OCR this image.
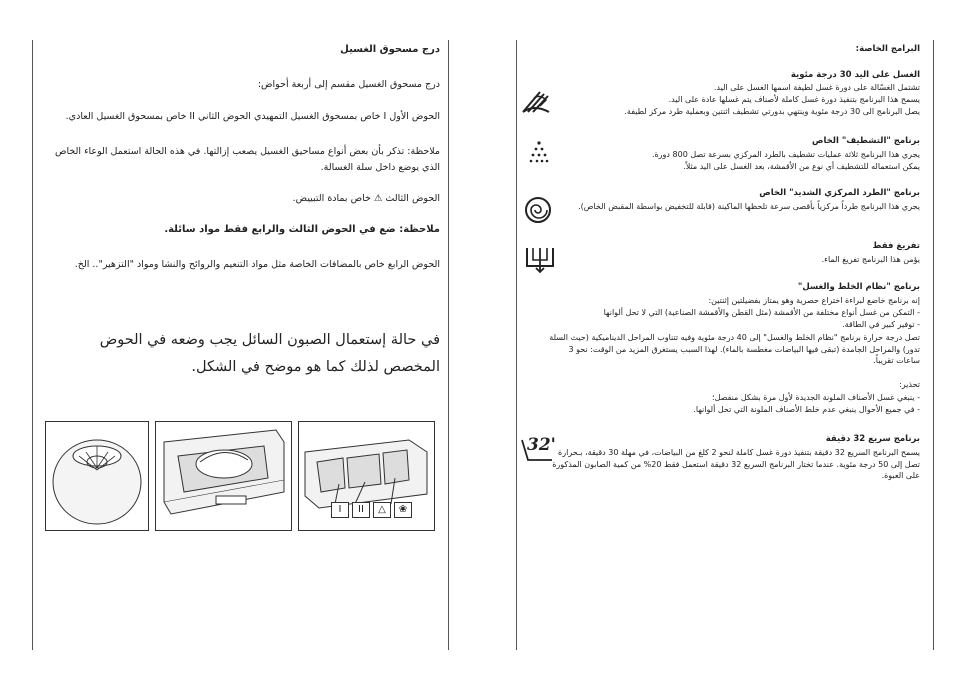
درج مسحوق الغسيل

درج مسحوق الغسيل مقسم إلى أربعة أحواض:

الحوض الأول I خاص بمسحوق الغسيل التمهيدي الحوض الثاني II خاص بمسحوق الغسيل العادي.

ملاحظة: تذكر بأن بعض أنواع مساحيق الغسيل يصعب إزالتها. في هذه الحالة استعمل الوعاء الخاص الذي يوضع داخل سلة الغسالة.

الحوض الثالث ⚠ خاص بمادة التبييض.

ملاحظة: ضع في الحوض الثالث والرابع فقط مواد سائلة.

الحوض الرابع خاص بالمضافات الخاصة مثل مواد التنعيم والروائح والنشا ومواد "التزهير".. الخ.

في حالة إستعمال الصبون السائل يجب وضعه في الحوض المخصص لذلك كما هو موضح في الشكل.

I	II	△	❀

البرامج الخاصة:

الغسل على اليد 30 درجة مئوية

تشتمل الغسّالة على دورة غسل لطيفة اسمها الغسل على اليد.

يسمح هذا البرنامج بتنفيذ دورة غسل كاملة لأصناف يتم غسلها عادة على اليد.

يصل البرنامج الى 30 درجة مئوية وينتهي بدورتي تشطيف اثنتين وبعملية طرد مركز لطيفة.

برنامج "التشطيف" الخاص

يجري هذا البرنامج ثلاثة عمليات تشطيف بالطرد المركزي بسرعة تصل 800 دورة.

يمكن استعماله للتشطيف أي نوع من الأقمشة، بعد الغسل على اليد مثلاً.

برنامج "الطرد المركزي الشديد" الخاص

يجري هذا البرنامج طرداً مركزياً بأقصى سرعة تلحظها الماكينة (قابلة للتخفيض بواسطة المقبض الخاص).

تفريغ فقط

يؤمن هذا البرنامج تفريغ الماء.

برنامج "نظام الخلط والغسل"

إنه برنامج خاضع لبراءة اختراع حصرية وهو يمتاز بفضيلتين إثنتين:

- التمكن من غسل أنواع مختلفة من الأقمشة (مثل القطن والأقمشة الصناعية) التي لا تحل ألوانها
- توفير كبير في الطاقة.

تصل درجة حرارة برنامج "نظام الخلط والغسل" إلى 40 درجة مئوية وفيه تتناوب المراحل الديناميكية (حيث السلة تدور) والمراحل الجامدة (تبقى فيها البياضات مغطسة بالماء). لهذا السبب يستغرق المزيد من الوقت: نحو 3 ساعات تقريباً.

تحذير:

- ينبغي غسل الأصناف الملونة الجديدة لأول مرة بشكل منفصل؛
- في جميع الأحوال ينبغي عدم خلط الأصناف الملونة التي تحل ألوانها.

برنامج سريع 32 دقيقة

يسمح البرنامج السريع 32 دقيقة بتنفيذ دورة غسل كاملة لنحو 2 كلغ من البياضات، في مهلة 30 دقيقة، بـحرارة تصل إلى 50 درجة مئوية. عندما تختار البرنامج السريع 32 دقيقة استعمل فقط 20% من كمية الصابون المذكورة على العبوة.

32'
